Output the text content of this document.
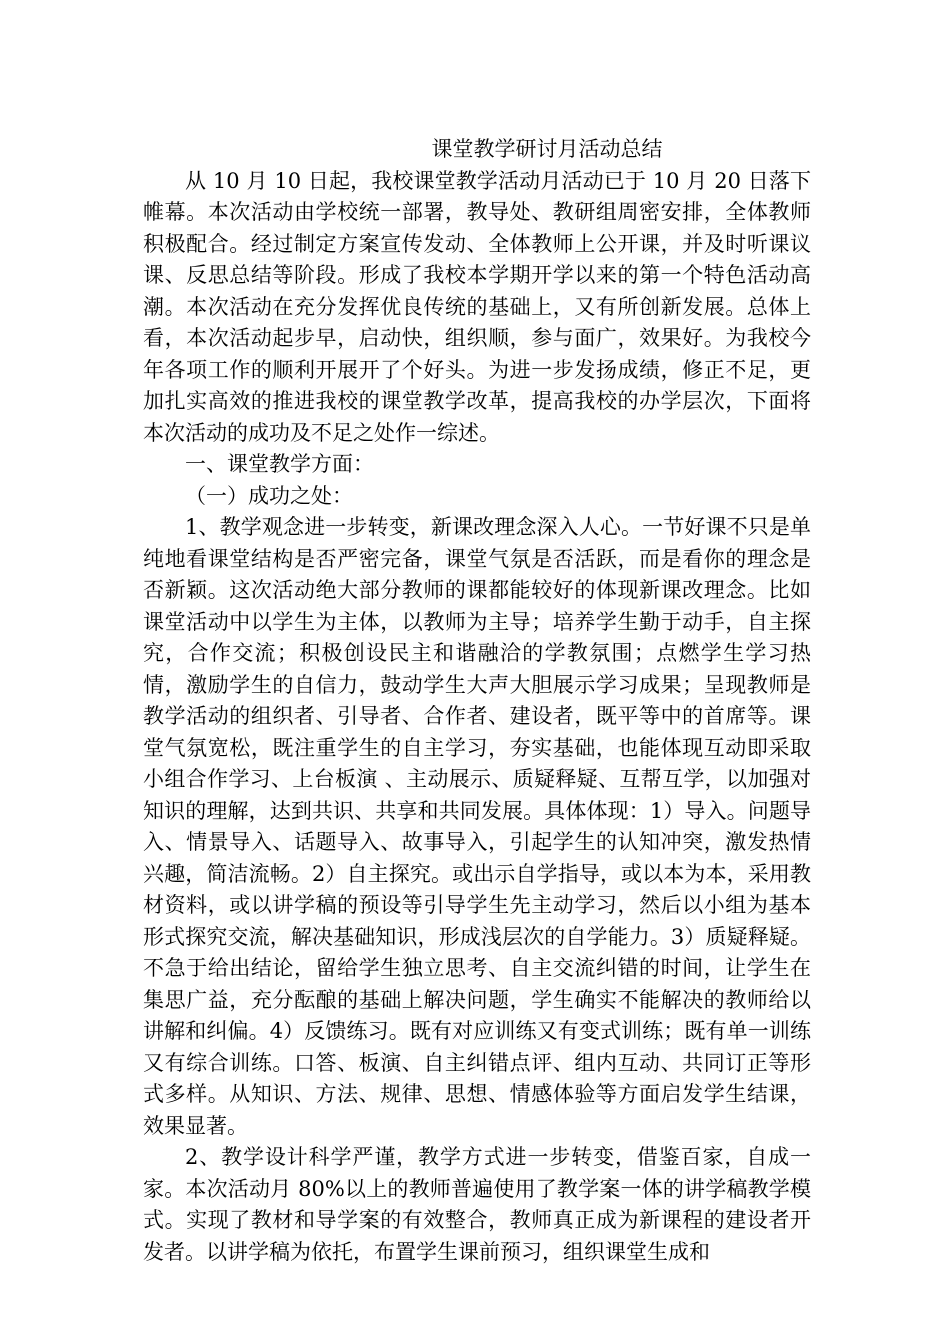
课堂教学研讨月活动总结

从 10 月 10 日起，我校课堂教学活动月活动已于 10 月 20 日落下帷幕。本次活动由学校统一部署，教导处、教研组周密安排，全体教师积极配合。经过制定方案宣传发动、全体教师上公开课，并及时听课议课、反思总结等阶段。形成了我校本学期开学以来的第一个特色活动高潮。本次活动在充分发挥优良传统的基础上，又有所创新发展。总体上看，本次活动起步早，启动快，组织顺，参与面广，效果好。为我校今年各项工作的顺利开展开了个好头。为进一步发扬成绩，修正不足，更加扎实高效的推进我校的课堂教学改革，提高我校的办学层次，下面将本次活动的成功及不足之处作一综述。

一、课堂教学方面：

（一）成功之处：

1、教学观念进一步转变，新课改理念深入人心。一节好课不只是单纯地看课堂结构是否严密完备，课堂气氛是否活跃，而是看你的理念是否新颖。这次活动绝大部分教师的课都能较好的体现新课改理念。比如课堂活动中以学生为主体，以教师为主导；培养学生勤于动手，自主探究，合作交流；积极创设民主和谐融洽的学教氛围；点燃学生学习热情，激励学生的自信力，鼓动学生大声大胆展示学习成果；呈现教师是教学活动的组织者、引导者、合作者、建设者，既平等中的首席等。课堂气氛宽松，既注重学生的自主学习，夯实基础，也能体现互动即采取小组合作学习、上台板演 、主动展示、质疑释疑、互帮互学，以加强对知识的理解，达到共识、共享和共同发展。具体体现：1）导入。问题导入、情景导入、话题导入、故事导入，引起学生的认知冲突，激发热情兴趣，简洁流畅。2）自主探究。或出示自学指导，或以本为本，采用教材资料，或以讲学稿的预设等引导学生先主动学习，然后以小组为基本形式探究交流，解决基础知识，形成浅层次的自学能力。3）质疑释疑。不急于给出结论，留给学生独立思考、自主交流纠错的时间，让学生在集思广益，充分酝酿的基础上解决问题，学生确实不能解决的教师给以讲解和纠偏。4）反馈练习。既有对应训练又有变式训练；既有单一训练又有综合训练。口答、板演、自主纠错点评、组内互动、共同订正等形式多样。从知识、方法、规律、思想、情感体验等方面启发学生结课，效果显著。

2、教学设计科学严谨，教学方式进一步转变，借鉴百家，自成一家。本次活动月 80%以上的教师普遍使用了教学案一体的讲学稿教学模式。实现了教材和导学案的有效整合，教师真正成为新课程的建设者开发者。以讲学稿为依托，布置学生课前预习，组织课堂生成和
